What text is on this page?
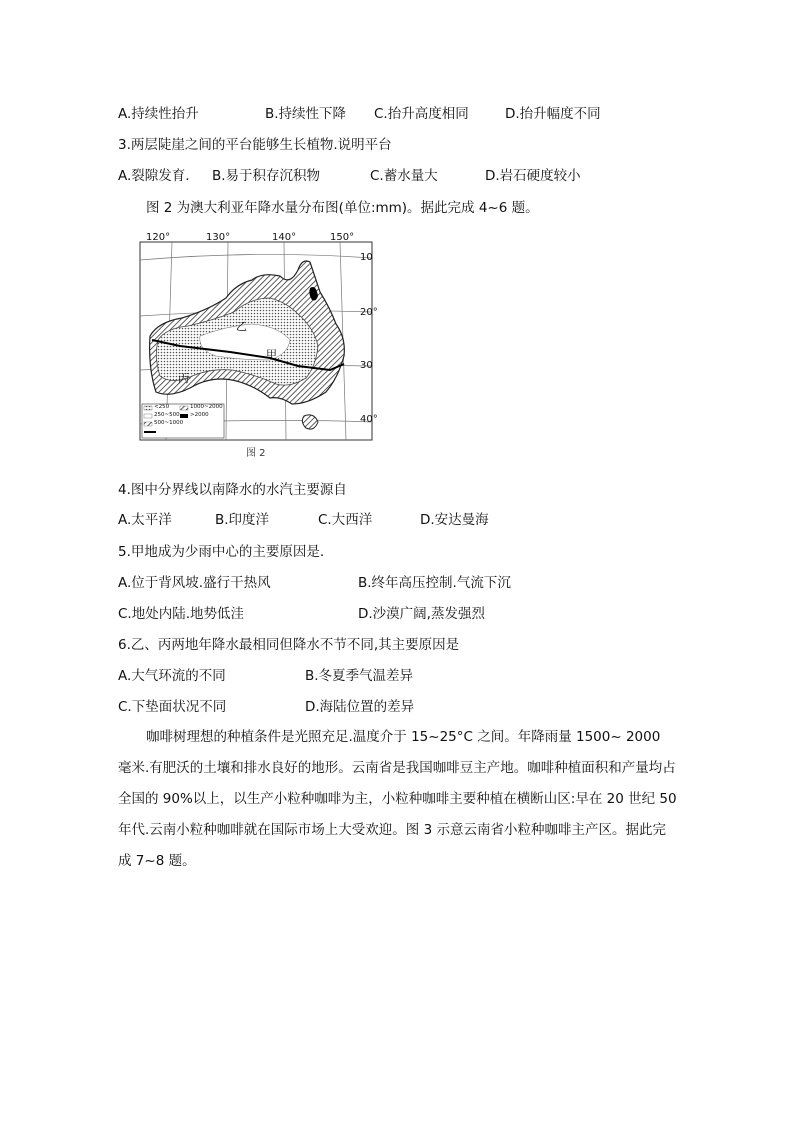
A.持续性抬升	B.持续性下降 C.抬升高度相同	D.抬升幅度不同
3.两层陡崖之间的平台能够生长植物.说明平台
A.裂隙发育. B.易于积存沉积物	C.蓄水量大	D.岩石硬度较小
图 2 为澳大利亚年降水量分布图(单位:mm)。据此完成 4~6 题。
120°	130°	140°	150°
10
20°
30
40°
乙
甲
丙
<250
250~500
500~1000
1000~2000
>2000
图 2
4.图中分界线以南降水的水汽主要源自
A.太平洋	B.印度洋	C.大西洋	D.安达曼海
5.甲地成为少雨中心的主要原因是.
A.位于背风坡.盛行干热风	B.终年高压控制.气流下沉
C.地处内陆.地势低洼	D.沙漠广阔,蒸发强烈
6.乙、丙两地年降水最相同但降水不节不同,其主要原因是
A.大气环流的不同	B.冬夏季气温差异
C.下垫面状况不同	D.海陆位置的差异
咖啡树理想的种植条件是光照充足.温度介于 15~25°C 之间。年降雨量 1500~ 2000 毫米.有肥沃的土壤和排水良好的地形。云南省是我国咖啡豆主产地。咖啡种植面积和产量均占全国的 90%以上，以生产小粒种咖啡为主，小粒种咖啡主要种植在横断山区:早在 20 世纪 50 年代.云南小粒种咖啡就在国际市场上大受欢迎。图 3 示意云南省小粒种咖啡主产区。据此完成 7~8 题。
